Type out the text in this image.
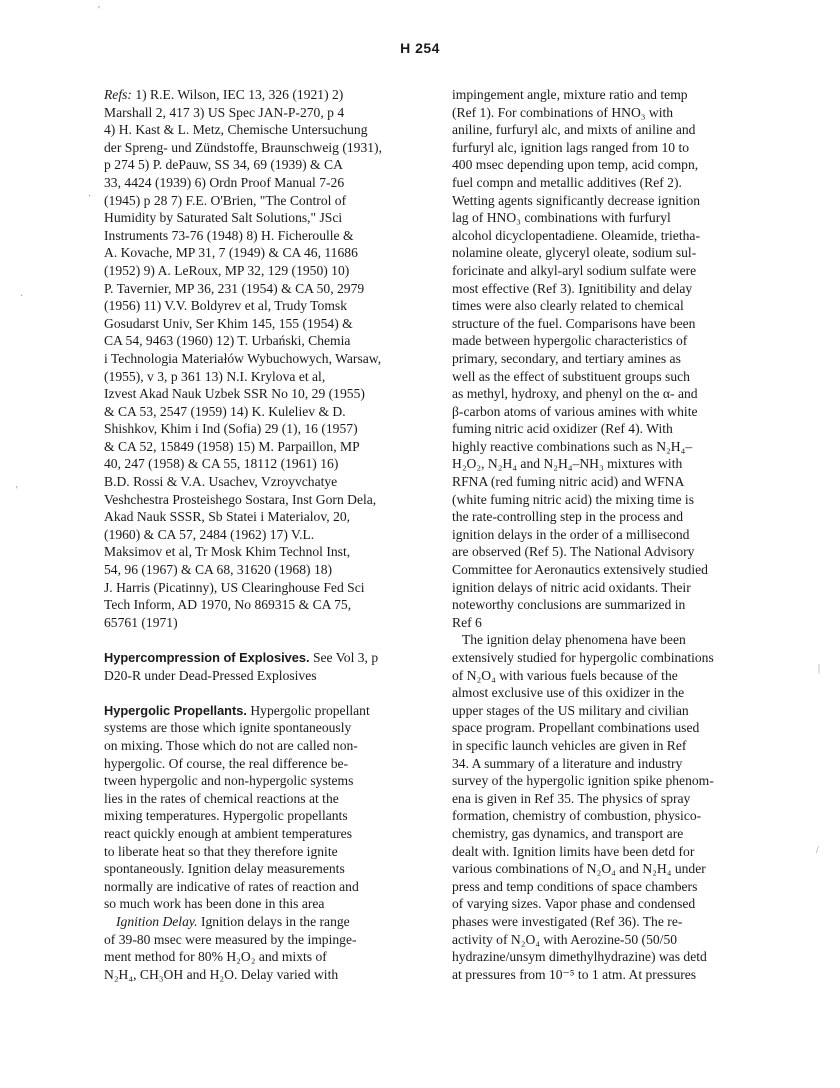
H 254
Refs: 1) R.E. Wilson, IEC 13, 326 (1921) 2)
Marshall 2, 417 3) US Spec JAN-P-270, p 4
4) H. Kast & L. Metz, Chemische Untersuchung
der Spreng- und Zündstoffe, Braunschweig (1931),
p 274 5) P. dePauw, SS 34, 69 (1939) & CA
33, 4424 (1939) 6) Ordn Proof Manual 7-26
(1945) p 28 7) F.E. O'Brien, "The Control of
Humidity by Saturated Salt Solutions," JSci
Instruments 73-76 (1948) 8) H. Ficheroulle &
A. Kovache, MP 31, 7 (1949) & CA 46, 11686
(1952) 9) A. LeRoux, MP 32, 129 (1950) 10)
P. Tavernier, MP 36, 231 (1954) & CA 50, 2979
(1956) 11) V.V. Boldyrev et al, Trudy Tomsk
Gosudarst Univ, Ser Khim 145, 155 (1954) &
CA 54, 9463 (1960) 12) T. Urbański, Chemia
i Technologia Materiałów Wybuchowych, Warsaw,
(1955), v 3, p 361 13) N.I. Krylova et al,
Izvest Akad Nauk Uzbek SSR No 10, 29 (1955)
& CA 53, 2547 (1959) 14) K. Kuleliev & D.
Shishkov, Khim i Ind (Sofia) 29 (1), 16 (1957)
& CA 52, 15849 (1958) 15) M. Parpaillon, MP
40, 247 (1958) & CA 55, 18112 (1961) 16)
B.D. Rossi & V.A. Usachev, Vzroyvchatye
Veshchestra Prosteishego Sostara, Inst Gorn Dela,
Akad Nauk SSSR, Sb Statei i Materialov, 20,
(1960) & CA 57, 2484 (1962) 17) V.L.
Maksimov et al, Tr Mosk Khim Technol Inst,
54, 96 (1967) & CA 68, 31620 (1968) 18)
J. Harris (Picatinny), US Clearinghouse Fed Sci
Tech Inform, AD 1970, No 869315 & CA 75,
65761 (1971)
Hypercompression of Explosives. See Vol 3, p
D20-R under Dead-Pressed Explosives
Hypergolic Propellants. Hypergolic propellant
systems are those which ignite spontaneously
on mixing. Those which do not are called non-
hypergolic. Of course, the real difference be-
tween hypergolic and non-hypergolic systems
lies in the rates of chemical reactions at the
mixing temperatures. Hypergolic propellants
react quickly enough at ambient temperatures
to liberate heat so that they therefore ignite
spontaneously. Ignition delay measurements
normally are indicative of rates of reaction and
so much work has been done in this area
Ignition Delay. Ignition delays in the range
of 39-80 msec were measured by the impinge-
ment method for 80% H₂O₂ and mixts of
N₂H₄, CH₃OH and H₂O. Delay varied with
impingement angle, mixture ratio and temp
(Ref 1). For combinations of HNO₃ with
aniline, furfuryl alc, and mixts of aniline and
furfuryl alc, ignition lags ranged from 10 to
400 msec depending upon temp, acid compn,
fuel compn and metallic additives (Ref 2).
Wetting agents significantly decrease ignition
lag of HNO₃ combinations with furfuryl
alcohol dicyclopentadiene. Oleamide, trietha-
nolamine oleate, glyceryl oleate, sodium sul-
foricinate and alkyl-aryl sodium sulfate were
most effective (Ref 3). Ignitibility and delay
times were also clearly related to chemical
structure of the fuel. Comparisons have been
made between hypergolic characteristics of
primary, secondary, and tertiary amines as
well as the effect of substituent groups such
as methyl, hydroxy, and phenyl on the α- and
β-carbon atoms of various amines with white
fuming nitric acid oxidizer (Ref 4). With
highly reactive combinations such as N₂H₄–
H₂O₂, N₂H₄ and N₂H₄–NH₃ mixtures with
RFNA (red fuming nitric acid) and WFNA
(white fuming nitric acid) the mixing time is
the rate-controlling step in the process and
ignition delays in the order of a millisecond
are observed (Ref 5). The National Advisory
Committee for Aeronautics extensively studied
ignition delays of nitric acid oxidants. Their
noteworthy conclusions are summarized in
Ref 6
The ignition delay phenomena have been
extensively studied for hypergolic combinations
of N₂O₄ with various fuels because of the
almost exclusive use of this oxidizer in the
upper stages of the US military and civilian
space program. Propellant combinations used
in specific launch vehicles are given in Ref
34. A summary of a literature and industry
survey of the hypergolic ignition spike phenom-
ena is given in Ref 35. The physics of spray
formation, chemistry of combustion, physico-
chemistry, gas dynamics, and transport are
dealt with. Ignition limits have been detd for
various combinations of N₂O₄ and N₂H₄ under
press and temp conditions of space chambers
of varying sizes. Vapor phase and condensed
phases were investigated (Ref 36). The re-
activity of N₂O₄ with Aerozine-50 (50/50
hydrazine/unsym dimethylhydrazine) was detd
at pressures from 10⁻⁵ to 1 atm. At pressures
'
·
·
'
|
/
